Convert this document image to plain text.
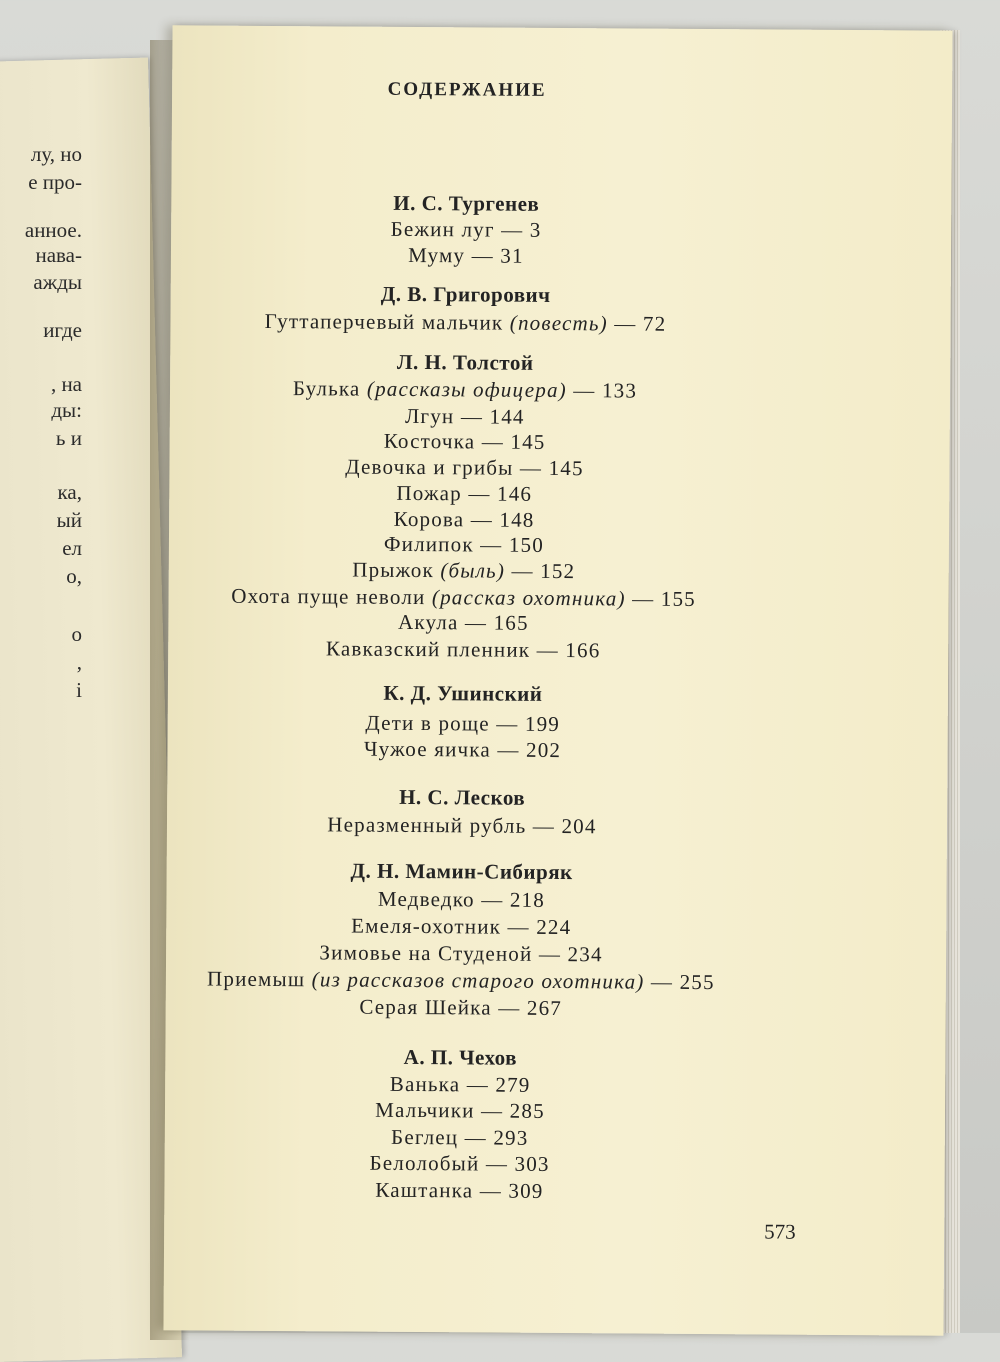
лу, но
е про-
анное.
нава-
ажды
игде
, на
ды:
ь и
ка,
ый
ел
о,
о
,
і
СОДЕРЖАНИЕ
573
И. С. Тургенев
Бежин луг — 3
Муму — 31
Д. В. Григорович
Гуттаперчевый мальчик (повесть) — 72
Л. Н. Толстой
Булька (рассказы офицера) — 133
Лгун — 144
Косточка — 145
Девочка и грибы — 145
Пожар — 146
Корова — 148
Филипок — 150
Прыжок (быль) — 152
Охота пуще неволи (рассказ охотника) — 155
Акула — 165
Кавказский пленник — 166
К. Д. Ушинский
Дети в роще — 199
Чужое яичка — 202
Н. С. Лесков
Неразменный рубль — 204
Д. Н. Мамин-Сибиряк
Медведко — 218
Емеля-охотник — 224
Зимовье на Студеной — 234
Приемыш (из рассказов старого охотника) — 255
Серая Шейка — 267
А. П. Чехов
Ванька — 279
Мальчики — 285
Беглец — 293
Белолобый — 303
Каштанка — 309
